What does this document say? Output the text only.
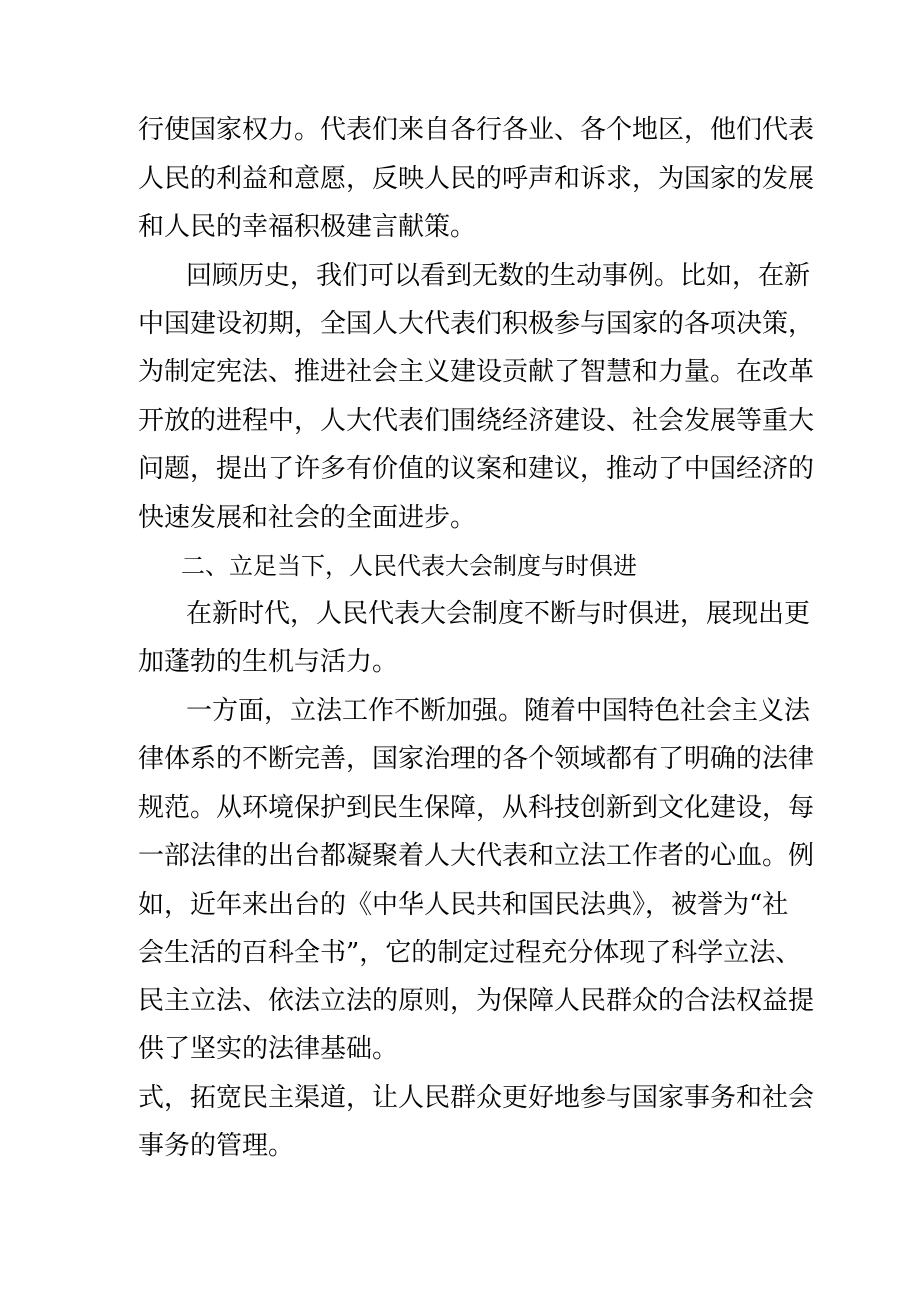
行使国家权力。代表们来自各行各业、各个地区，他们代表
人民的利益和意愿，反映人民的呼声和诉求，为国家的发展
和人民的幸福积极建言献策。
回顾历史，我们可以看到无数的生动事例。比如，在新
中国建设初期，全国人大代表们积极参与国家的各项决策，
为制定宪法、推进社会主义建设贡献了智慧和力量。在改革
开放的进程中，人大代表们围绕经济建设、社会发展等重大
问题，提出了许多有价值的议案和建议，推动了中国经济的
快速发展和社会的全面进步。
二、立足当下，人民代表大会制度与时俱进
在新时代，人民代表大会制度不断与时俱进，展现出更
加蓬勃的生机与活力。
一方面，立法工作不断加强。随着中国特色社会主义法
律体系的不断完善，国家治理的各个领域都有了明确的法律
规范。从环境保护到民生保障，从科技创新到文化建设，每
一部法律的出台都凝聚着人大代表和立法工作者的心血。例
如，近年来出台的《中华人民共和国民法典》，被誉为“社
会生活的百科全书”，它的制定过程充分体现了科学立法、
民主立法、依法立法的原则，为保障人民群众的合法权益提
供了坚实的法律基础。
式，拓宽民主渠道，让人民群众更好地参与国家事务和社会
事务的管理。
